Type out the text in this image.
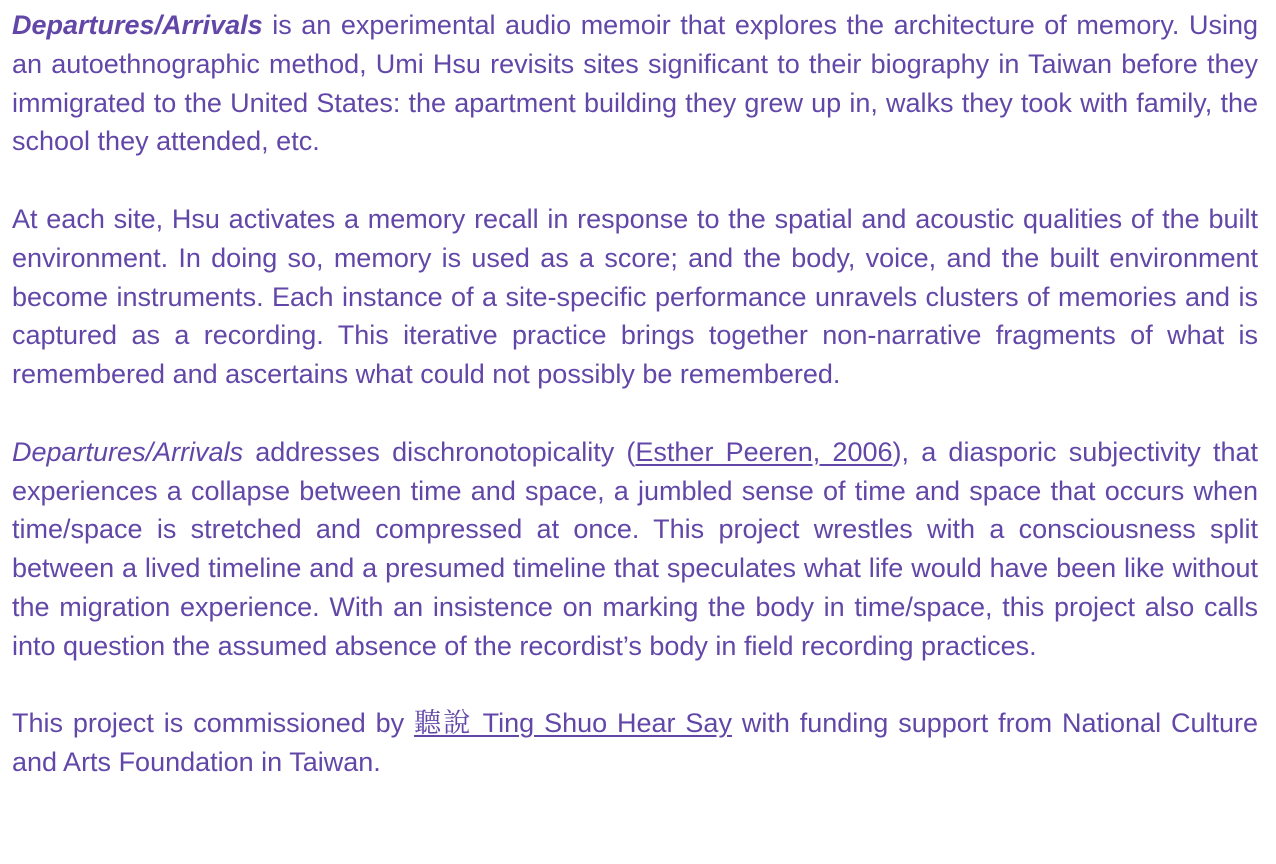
Departures/Arrivals is an experimental audio memoir that explores the architecture of memory. Using an autoethnographic method, Umi Hsu revisits sites significant to their biography in Taiwan before they immigrated to the United States: the apartment building they grew up in, walks they took with family, the school they attended, etc.

At each site, Hsu activates a memory recall in response to the spatial and acoustic qualities of the built environment. In doing so, memory is used as a score; and the body, voice, and the built environment become instruments. Each instance of a site-specific performance unravels clusters of memories and is captured as a recording. This iterative practice brings together non-narrative fragments of what is remembered and ascertains what could not possibly be remembered.

Departures/Arrivals addresses dischronotopicality (Esther Peeren, 2006), a diasporic subjectivity that experiences a collapse between time and space, a jumbled sense of time and space that occurs when time/space is stretched and compressed at once. This project wrestles with a consciousness split between a lived timeline and a presumed timeline that speculates what life would have been like without the migration experience. With an insistence on marking the body in time/space, this project also calls into question the assumed absence of the recordist’s body in field recording practices.

This project is commissioned by 聽說 Ting Shuo Hear Say with funding support from National Culture and Arts Foundation in Taiwan.
